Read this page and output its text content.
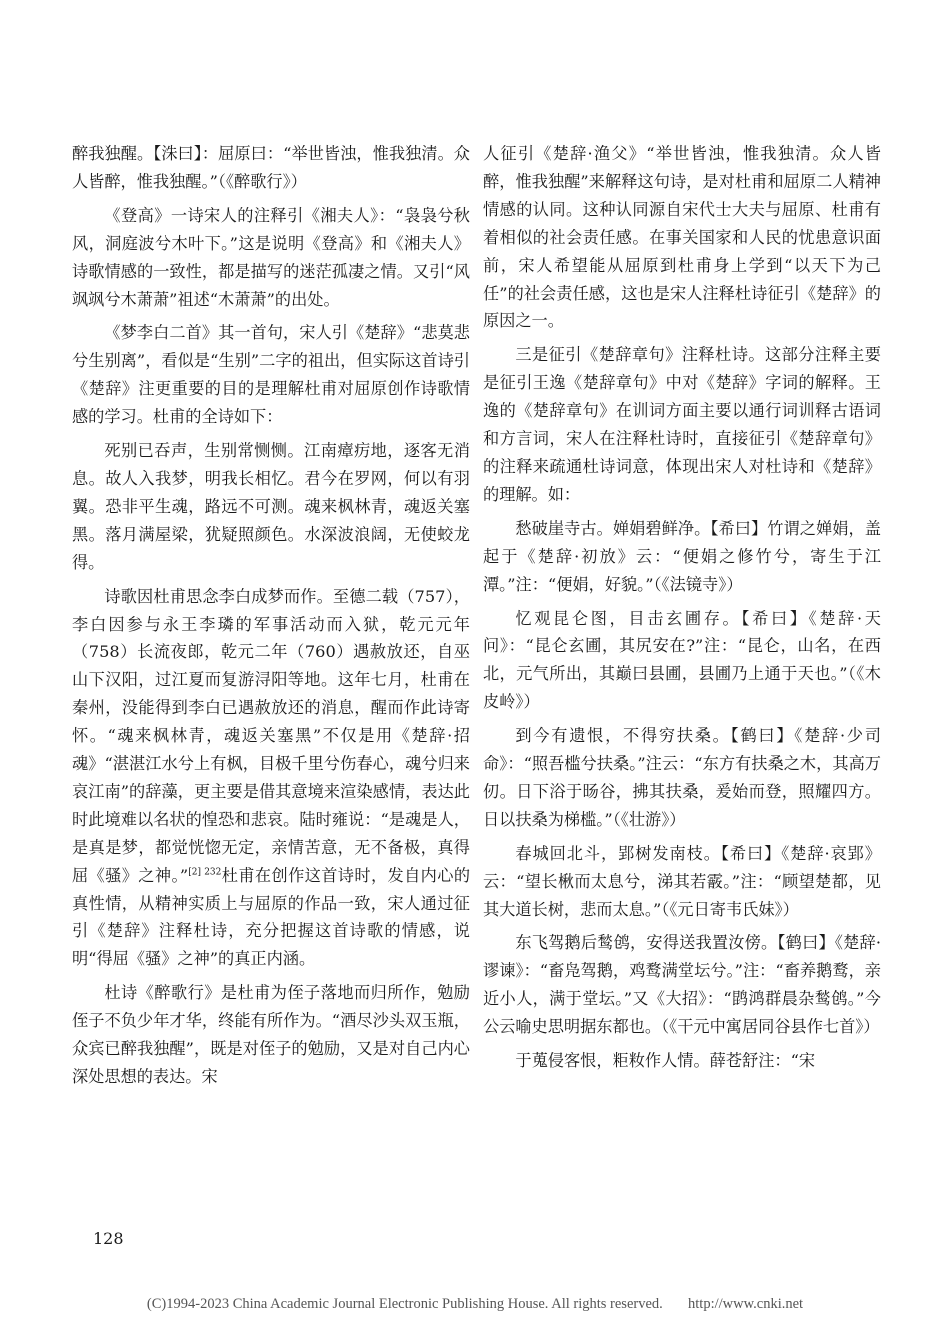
醉我独醒。【洙曰】：屈原曰：“举世皆浊，惟我独清。众人皆醉，惟我独醒。”（《醉歌行》）

《登高》一诗宋人的注释引《湘夫人》：“袅袅兮秋风，洞庭波兮木叶下。”这是说明《登高》和《湘夫人》诗歌情感的一致性，都是描写的迷茫孤凄之情。又引“风飒飒兮木萧萧”祖述“木萧萧”的出处。

《梦李白二首》其一首句，宋人引《楚辞》“悲莫悲兮生别离”，看似是“生别”二字的祖出，但实际这首诗引《楚辞》注更重要的目的是理解杜甫对屈原创作诗歌情感的学习。杜甫的全诗如下：

死别已吞声，生别常恻恻。江南瘴疠地，逐客无消息。故人入我梦，明我长相忆。君今在罗网，何以有羽翼。恐非平生魂，路远不可测。魂来枫林青，魂返关塞黑。落月满屋梁，犹疑照颜色。水深波浪阔，无使蛟龙得。

诗歌因杜甫思念李白成梦而作。至德二载（757），李白因参与永王李璘的军事活动而入狱，乾元元年（758）长流夜郎，乾元二年（760）遇赦放还，自巫山下汉阳，过江夏而复游浔阳等地。这年七月，杜甫在秦州，没能得到李白已遇赦放还的消息，醒而作此诗寄怀。“魂来枫林青，魂返关塞黑”不仅是用《楚辞·招魂》“湛湛江水兮上有枫，目极千里兮伤春心，魂兮归来哀江南”的辞藻，更主要是借其意境来渲染感情，表达此时此境难以名状的惶恐和悲哀。陆时雍说：“是魂是人，是真是梦，都觉恍惚无定，亲情苦意，无不备极，真得屈《骚》之神。”$^{[2] 232}$杜甫在创作这首诗时，发自内心的真性情，从精神实质上与屈原的作品一致，宋人通过征引《楚辞》注释杜诗，充分把握这首诗歌的情感，说明“得屈《骚》之神”的真正内涵。

杜诗《醉歌行》是杜甫为侄子落地而归所作，勉励侄子不负少年才华，终能有所作为。“酒尽沙头双玉瓶，众宾已醉我独醒”，既是对侄子的勉励，又是对自己内心深处思想的表达。宋

人征引《楚辞·渔父》“举世皆浊，惟我独清。众人皆醉，惟我独醒”来解释这句诗，是对杜甫和屈原二人精神情感的认同。这种认同源自宋代士大夫与屈原、杜甫有着相似的社会责任感。在事关国家和人民的忧患意识面前，宋人希望能从屈原到杜甫身上学到“以天下为己任”的社会责任感，这也是宋人注释杜诗征引《楚辞》的原因之一。

三是征引《楚辞章句》注释杜诗。这部分注释主要是征引王逸《楚辞章句》中对《楚辞》字词的解释。王逸的《楚辞章句》在训词方面主要以通行词训释古语词和方言词，宋人在注释杜诗时，直接征引《楚辞章句》的注释来疏通杜诗词意，体现出宋人对杜诗和《楚辞》的理解。如：

愁破崖寺古。婵娟碧鲜净。【希曰】竹谓之婵娟，盖起于《楚辞·初放》云：“便娟之修竹兮，寄生于江潭。”注：“便娟，好貌。”（《法镜寺》）

忆观昆仑图，目击玄圃存。【希曰】《楚辞·天问》：“昆仑玄圃，其尻安在?”注：“昆仑，山名，在西北，元气所出，其巅曰县圃，县圃乃上通于天也。”（《木皮岭》）

到今有遗恨，不得穷扶桑。【鹤曰】《楚辞·少司命》：“照吾槛兮扶桑。”注云：“东方有扶桑之木，其高万仞。日下浴于旸谷，拂其扶桑，爰始而登，照耀四方。日以扶桑为梯槛。”（《壮游》）

春城回北斗，郢树发南枝。【希曰】《楚辞·哀郢》云：“望长楸而太息兮，涕其若霰。”注：“顾望楚都，见其大道长树，悲而太息。”（《元日寄韦氏妹》）

东飞驾鹅后鹙鸧，安得送我置汝傍。【鹤曰】《楚辞·谬谏》：“畜凫驾鹅，鸡鹜满堂坛兮。”注：“畜养鹅鹜，亲近小人，满于堂坛。”又《大招》：“鹍鸿群晨杂鹙鸧。”今公云喻史思明据东都也。（《干元中寓居同谷县作七首》）

于蒐侵客恨，粔籹作人情。薛苍舒注：“宋

128
(C)1994-2023 China Academic Journal Electronic Publishing House. All rights reserved. http://www.cnki.net
